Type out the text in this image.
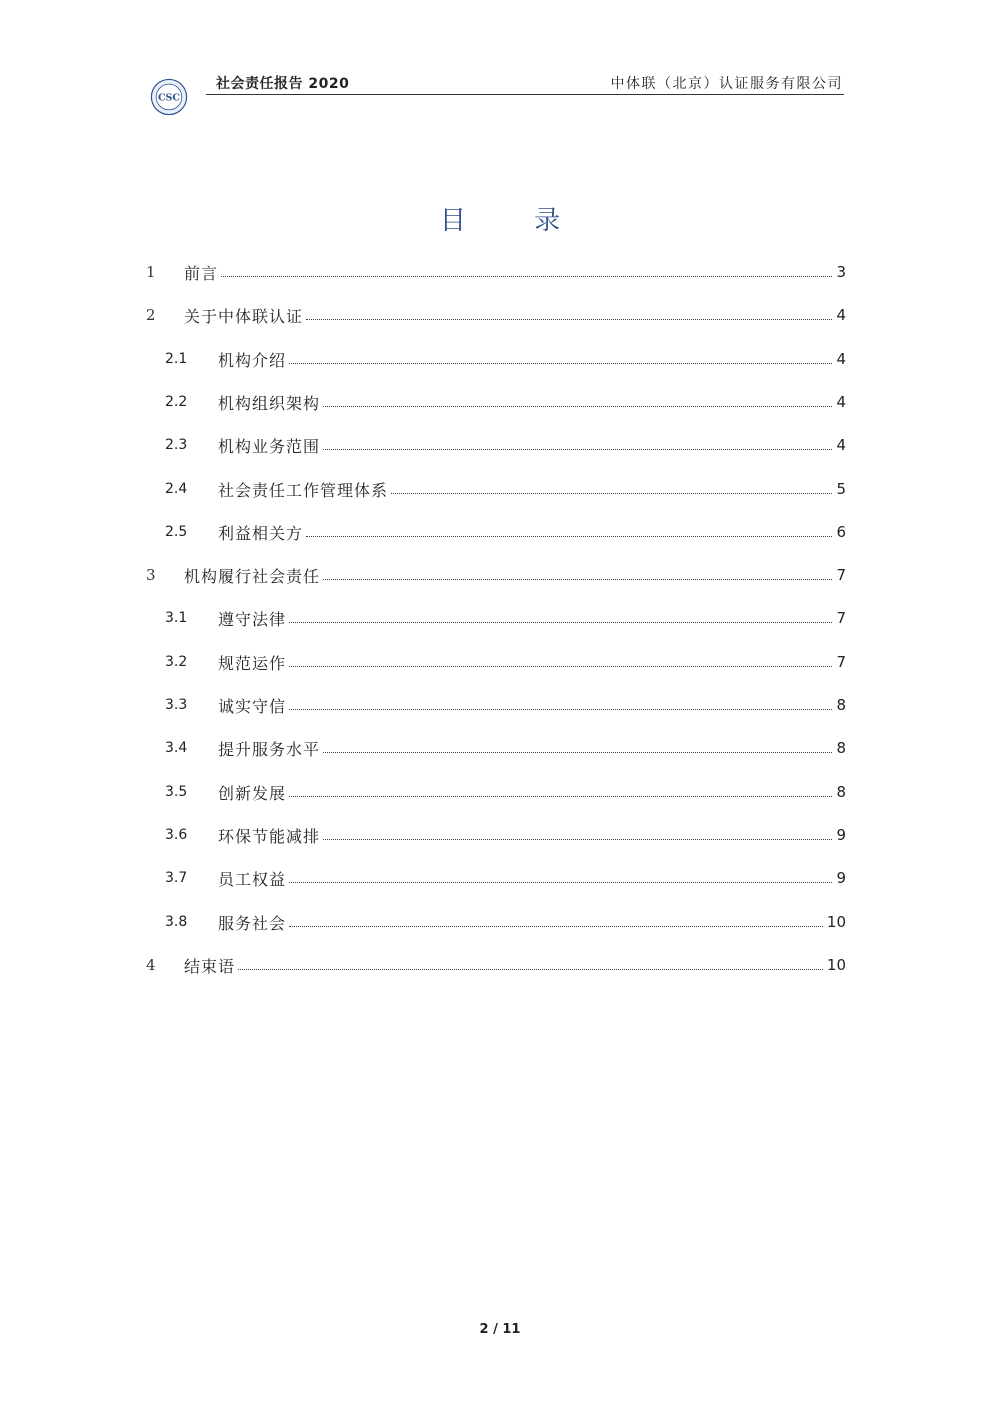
CSC
社会责任报告 2020	中体联（北京）认证服务有限公司
目 录
1 前言	3
2 关于中体联认证	4
2.1 机构介绍	4
2.2 机构组织架构	4
2.3 机构业务范围	4
2.4 社会责任工作管理体系	5
2.5 利益相关方	6
3 机构履行社会责任	7
3.1 遵守法律	7
3.2 规范运作	7
3.3 诚实守信	8
3.4 提升服务水平	8
3.5 创新发展	8
3.6 环保节能减排	9
3.7 员工权益	9
3.8 服务社会	10
4 结束语	10
2 / 11
